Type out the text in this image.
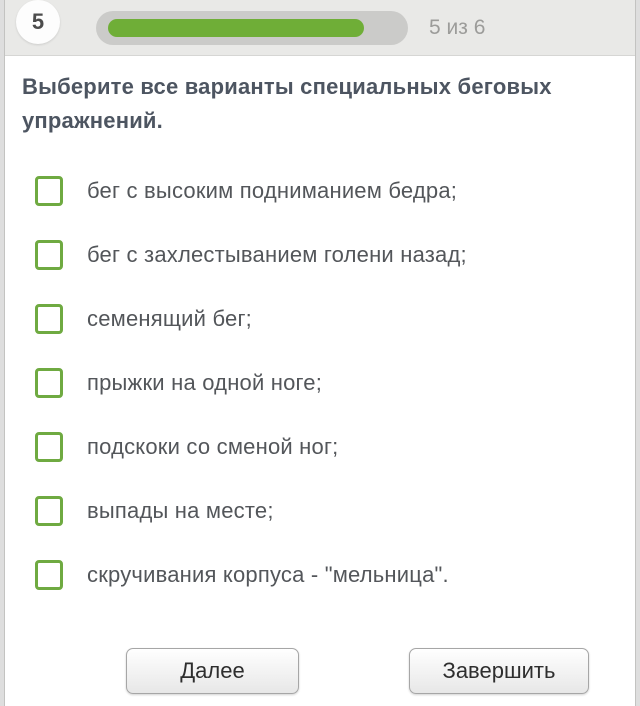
5	5 из 6
Выберите все варианты специальных беговых упражнений.
бег с высоким подниманием бедра;
бег с захлестыванием голени назад;
семенящий бег;
прыжки на одной ноге;
подскоки со сменой ног;
выпады на месте;
скручивания корпуса - "мельница".
Далее	Завершить
